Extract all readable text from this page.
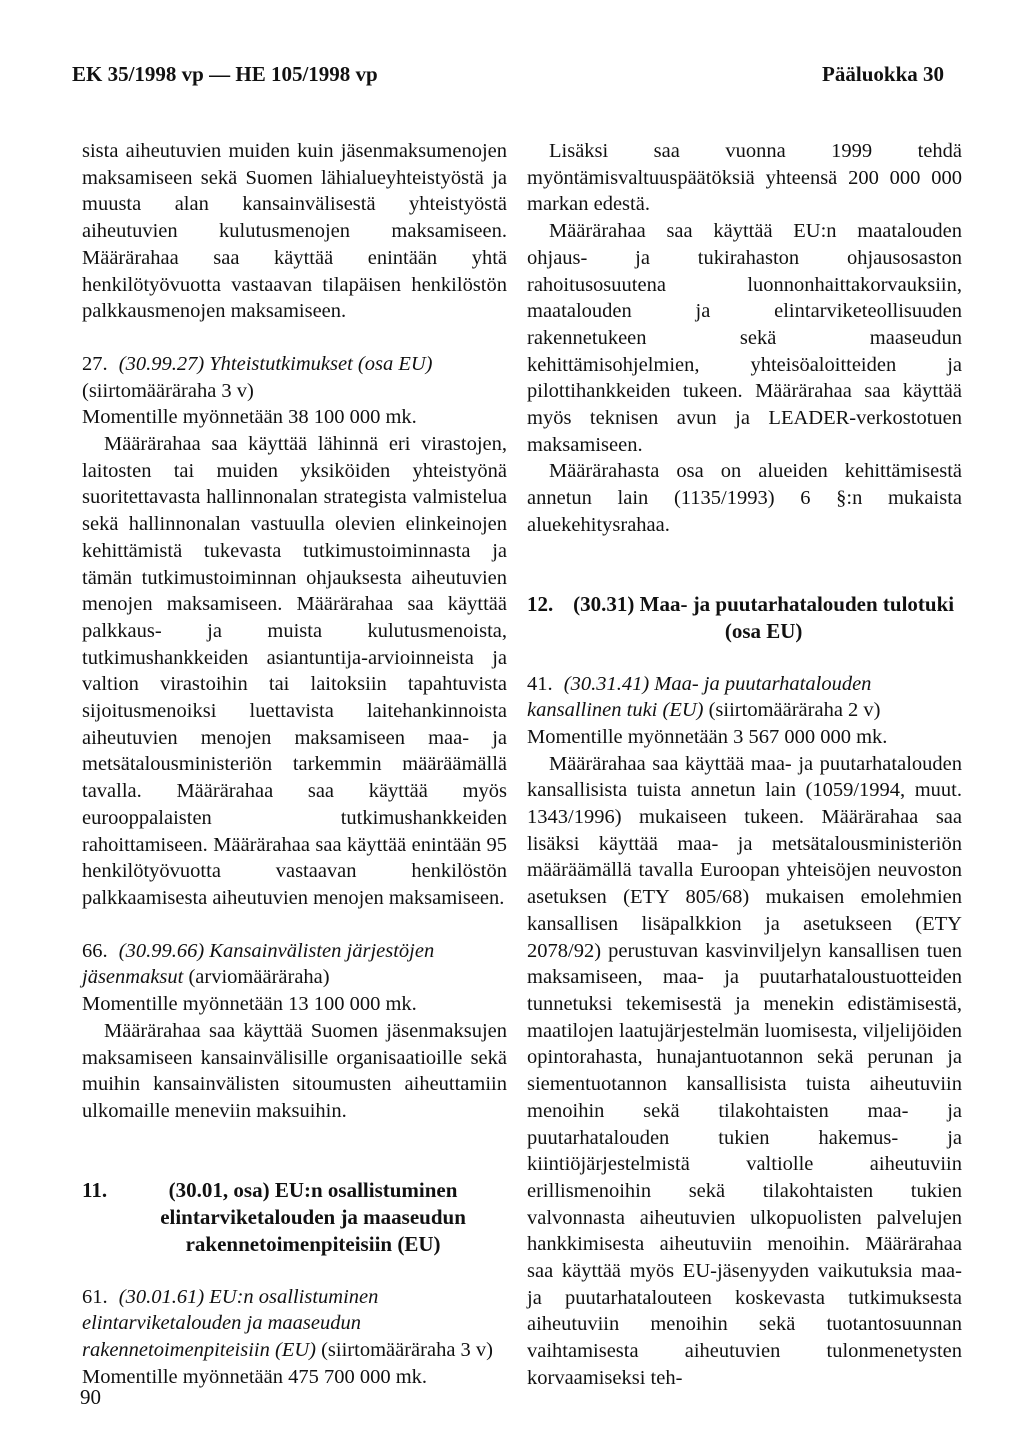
EK 35/1998 vp — HE 105/1998 vp	Pääluokka 30

sista aiheutuvien muiden kuin jäsenmaksumenojen maksamiseen sekä Suomen lähialueyhteistyöstä ja muusta alan kansainvälisestä yhteistyöstä aiheutuvien kulutusmenojen maksamiseen. Määrärahaa saa käyttää enintään yhtä henkilötyövuotta vastaavan tilapäisen henkilöstön palkkausmenojen maksamiseen.

27. (30.99.27) Yhteistutkimukset (osa EU) (siirtomääräraha 3 v)

Momentille myönnetään 38 100 000 mk.

Määrärahaa saa käyttää lähinnä eri virastojen, laitosten tai muiden yksiköiden yhteistyönä suoritettavasta hallinnonalan strategista valmistelua sekä hallinnonalan vastuulla olevien elinkeinojen kehittämistä tukevasta tutkimustoiminnasta ja tämän tutkimustoiminnan ohjauksesta aiheutuvien menojen maksamiseen. Määrärahaa saa käyttää palkkaus- ja muista kulutusmenoista, tutkimushankkeiden asiantuntija-arvioinneista ja valtion virastoihin tai laitoksiin tapahtuvista sijoitusmenoiksi luettavista laitehankinnoista aiheutuvien menojen maksamiseen maa- ja metsätalousministeriön tarkemmin määräämällä tavalla. Määrärahaa saa käyttää myös eurooppalaisten tutkimushankkeiden rahoittamiseen. Määrärahaa saa käyttää enintään 95 henkilötyövuotta vastaavan henkilöstön palkkaamisesta aiheutuvien menojen maksamiseen.

66. (30.99.66) Kansainvälisten järjestöjen jäsenmaksut (arviomääräraha)

Momentille myönnetään 13 100 000 mk.

Määrärahaa saa käyttää Suomen jäsenmaksujen maksamiseen kansainvälisille organisaatioille sekä muihin kansainvälisten sitoumusten aiheuttamiin ulkomaille meneviin maksuihin.

11.	(30.01, osa) EU:n osallistuminen elintarviketalouden ja maaseudun rakennetoimenpiteisiin (EU)

61. (30.01.61) EU:n osallistuminen elintarviketalouden ja maaseudun rakennetoimenpiteisiin (EU) (siirtomääräraha 3 v)

Momentille myönnetään 475 700 000 mk.

Lisäksi saa vuonna 1999 tehdä myöntämisvaltuuspäätöksiä yhteensä 200 000 000 markan edestä.

Määrärahaa saa käyttää EU:n maatalouden ohjaus- ja tukirahaston ohjausosaston rahoitusosuutena luonnonhaittakorvauksiin, maatalouden ja elintarviketeollisuuden rakennetukeen sekä maaseudun kehittämisohjelmien, yhteisöaloitteiden ja pilottihankkeiden tukeen. Määrärahaa saa käyttää myös teknisen avun ja LEADER-verkostotuen maksamiseen.

Määrärahasta osa on alueiden kehittämisestä annetun lain (1135/1993) 6 §:n mukaista aluekehitysrahaa.

12. (30.31) Maa- ja puutarhatalouden tulotuki (osa EU)

41. (30.31.41) Maa- ja puutarhatalouden kansallinen tuki (EU) (siirtomääräraha 2 v)

Momentille myönnetään 3 567 000 000 mk.

Määrärahaa saa käyttää maa- ja puutarhatalouden kansallisista tuista annetun lain (1059/1994, muut. 1343/1996) mukaiseen tukeen. Määrärahaa saa lisäksi käyttää maa- ja metsätalousministeriön määräämällä tavalla Euroopan yhteisöjen neuvoston asetuksen (ETY 805/68) mukaisen emolehmien kansallisen lisäpalkkion ja asetukseen (ETY 2078/92) perustuvan kasvinviljelyn kansallisen tuen maksamiseen, maa- ja puutarhataloustuotteiden tunnetuksi tekemisestä ja menekin edistämisestä, maatilojen laatujärjestelmän luomisesta, viljelijöiden opintorahasta, hunajantuotannon sekä perunan ja siementuotannon kansallisista tuista aiheutuviin menoihin sekä tilakohtaisten maa- ja puutarhatalouden tukien hakemus- ja kiintiöjärjestelmistä valtiolle aiheutuviin erillismenoihin sekä tilakohtaisten tukien valvonnasta aiheutuvien ulkopuolisten palvelujen hankkimisesta aiheutuviin menoihin. Määrärahaa saa käyttää myös EU-jäsenyyden vaikutuksia maa- ja puutarhatalouteen koskevasta tutkimuksesta aiheutuviin menoihin sekä tuotantosuunnan vaihtamisesta aiheutuvien tulonmenetysten korvaamiseksi teh-

90
